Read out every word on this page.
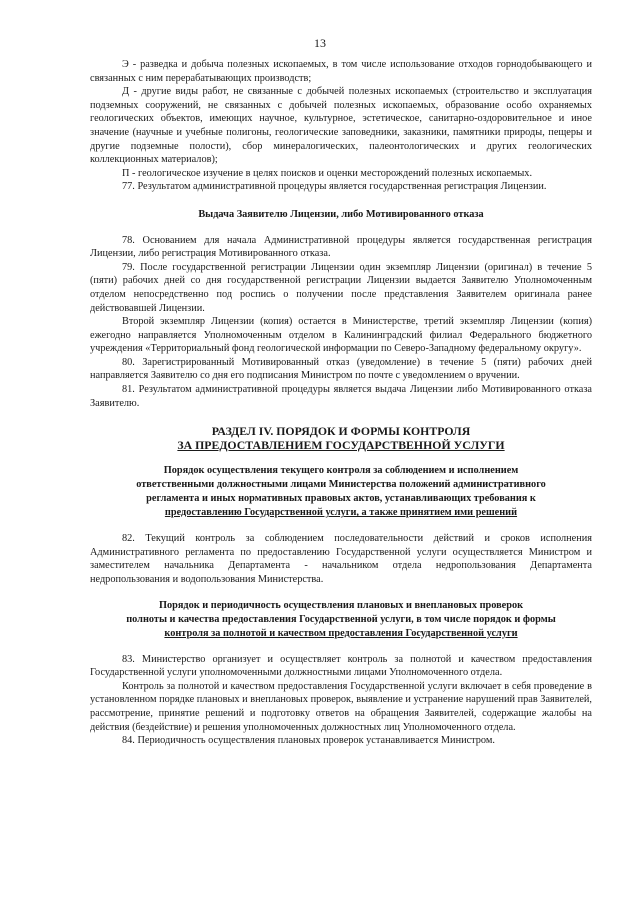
13

Э - разведка и добыча полезных ископаемых, в том числе использование отходов горнодобывающего и связанных с ним перерабатывающих производств;

Д - другие виды работ, не связанные с добычей полезных ископаемых (строительство и эксплуатация подземных сооружений, не связанных с добычей полезных ископаемых, образование особо охраняемых геологических объектов, имеющих научное, культурное, эстетическое, санитарно-оздоровительное и иное значение (научные и учебные полигоны, геологические заповедники, заказники, памятники природы, пещеры и другие подземные полости), сбор минералогических, палеонтологических и других геологических коллекционных материалов);

П - геологическое изучение в целях поисков и оценки месторождений полезных ископаемых.

77. Результатом административной процедуры является государственная регистрация Лицензии.

Выдача Заявителю Лицензии, либо Мотивированного отказа

78. Основанием для начала Административной процедуры является государственная регистрация Лицензии, либо регистрация Мотивированного отказа.

79. После государственной регистрации Лицензии один экземпляр Лицензии (оригинал) в течение 5 (пяти) рабочих дней со дня государственной регистрации Лицензии выдается Заявителю Уполномоченным отделом непосредственно под роспись о получении после представления Заявителем оригинала ранее действовавшей Лицензии.

Второй экземпляр Лицензии (копия) остается в Министерстве, третий экземпляр Лицензии (копия) ежегодно направляется Уполномоченным отделом в Калининградский филиал Федерального бюджетного учреждения «Территориальный фонд геологической информации по Северо-Западному федеральному округу».

80. Зарегистрированный Мотивированный отказ (уведомление) в течение 5 (пяти) рабочих дней направляется Заявителю со дня его подписания Министром по почте с уведомлением о вручении.

81. Результатом административной процедуры является выдача Лицензии либо Мотивированного отказа Заявителю.

РАЗДЕЛ IV. ПОРЯДОК И ФОРМЫ КОНТРОЛЯ
ЗА ПРЕДОСТАВЛЕНИЕМ ГОСУДАРСТВЕННОЙ УСЛУГИ
Порядок осуществления текущего контроля за соблюдением и исполнением
ответственными должностными лицами Министерства положений административного
регламента и иных нормативных правовых актов, устанавливающих требования к
предоставлению Государственной услуги, а также принятием ими решений

82. Текущий контроль за соблюдением последовательности действий и сроков исполнения Административного регламента по предоставлению Государственной услуги осуществляется Министром и заместителем начальника Департамента - начальником отдела недропользования Департамента недропользования и водопользования Министерства.

Порядок и периодичность осуществления плановых и внеплановых проверок
полноты и качества предоставления Государственной услуги, в том числе порядок и формы
контроля за полнотой и качеством предоставления Государственной услуги

83. Министерство организует и осуществляет контроль за полнотой и качеством предоставления Государственной услуги уполномоченными должностными лицами Уполномоченного отдела.

Контроль за полнотой и качеством предоставления Государственной услуги включает в себя проведение в установленном порядке плановых и внеплановых проверок, выявление и устранение нарушений прав Заявителей, рассмотрение, принятие решений и подготовку ответов на обращения Заявителей, содержащие жалобы на действия (бездействие) и решения уполномоченных должностных лиц Уполномоченного отдела.

84. Периодичность осуществления плановых проверок устанавливается Министром.
